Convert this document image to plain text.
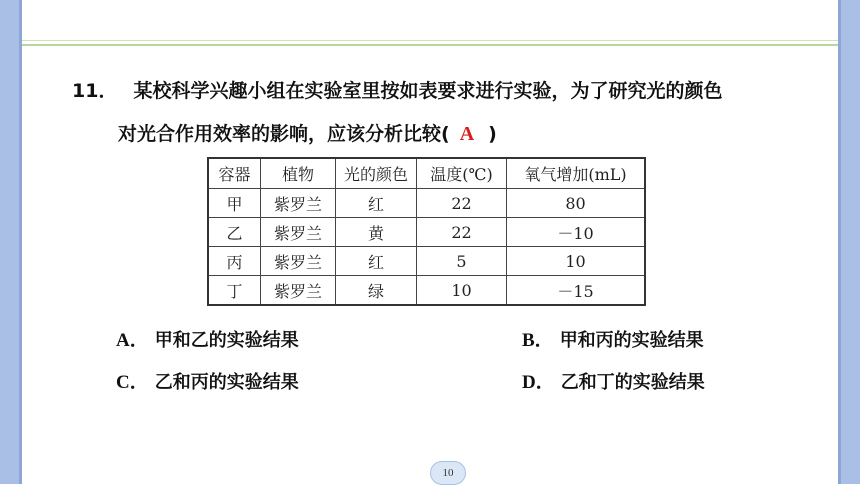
11． 某校科学兴趣小组在实验室里按如表要求进行实验，为了研究光的颜色
对光合作用效率的影响，应该分析比较( A )
容器	植物	光的颜色	温度(℃)	氧气增加(mL)
甲	紫罗兰	红	22	80
乙	紫罗兰	黄	22	－10
丙	紫罗兰	红	5	10
丁	紫罗兰	绿	10	－15
A． 甲和乙的实验结果	B． 甲和丙的实验结果
C． 乙和丙的实验结果	D． 乙和丁的实验结果
10
